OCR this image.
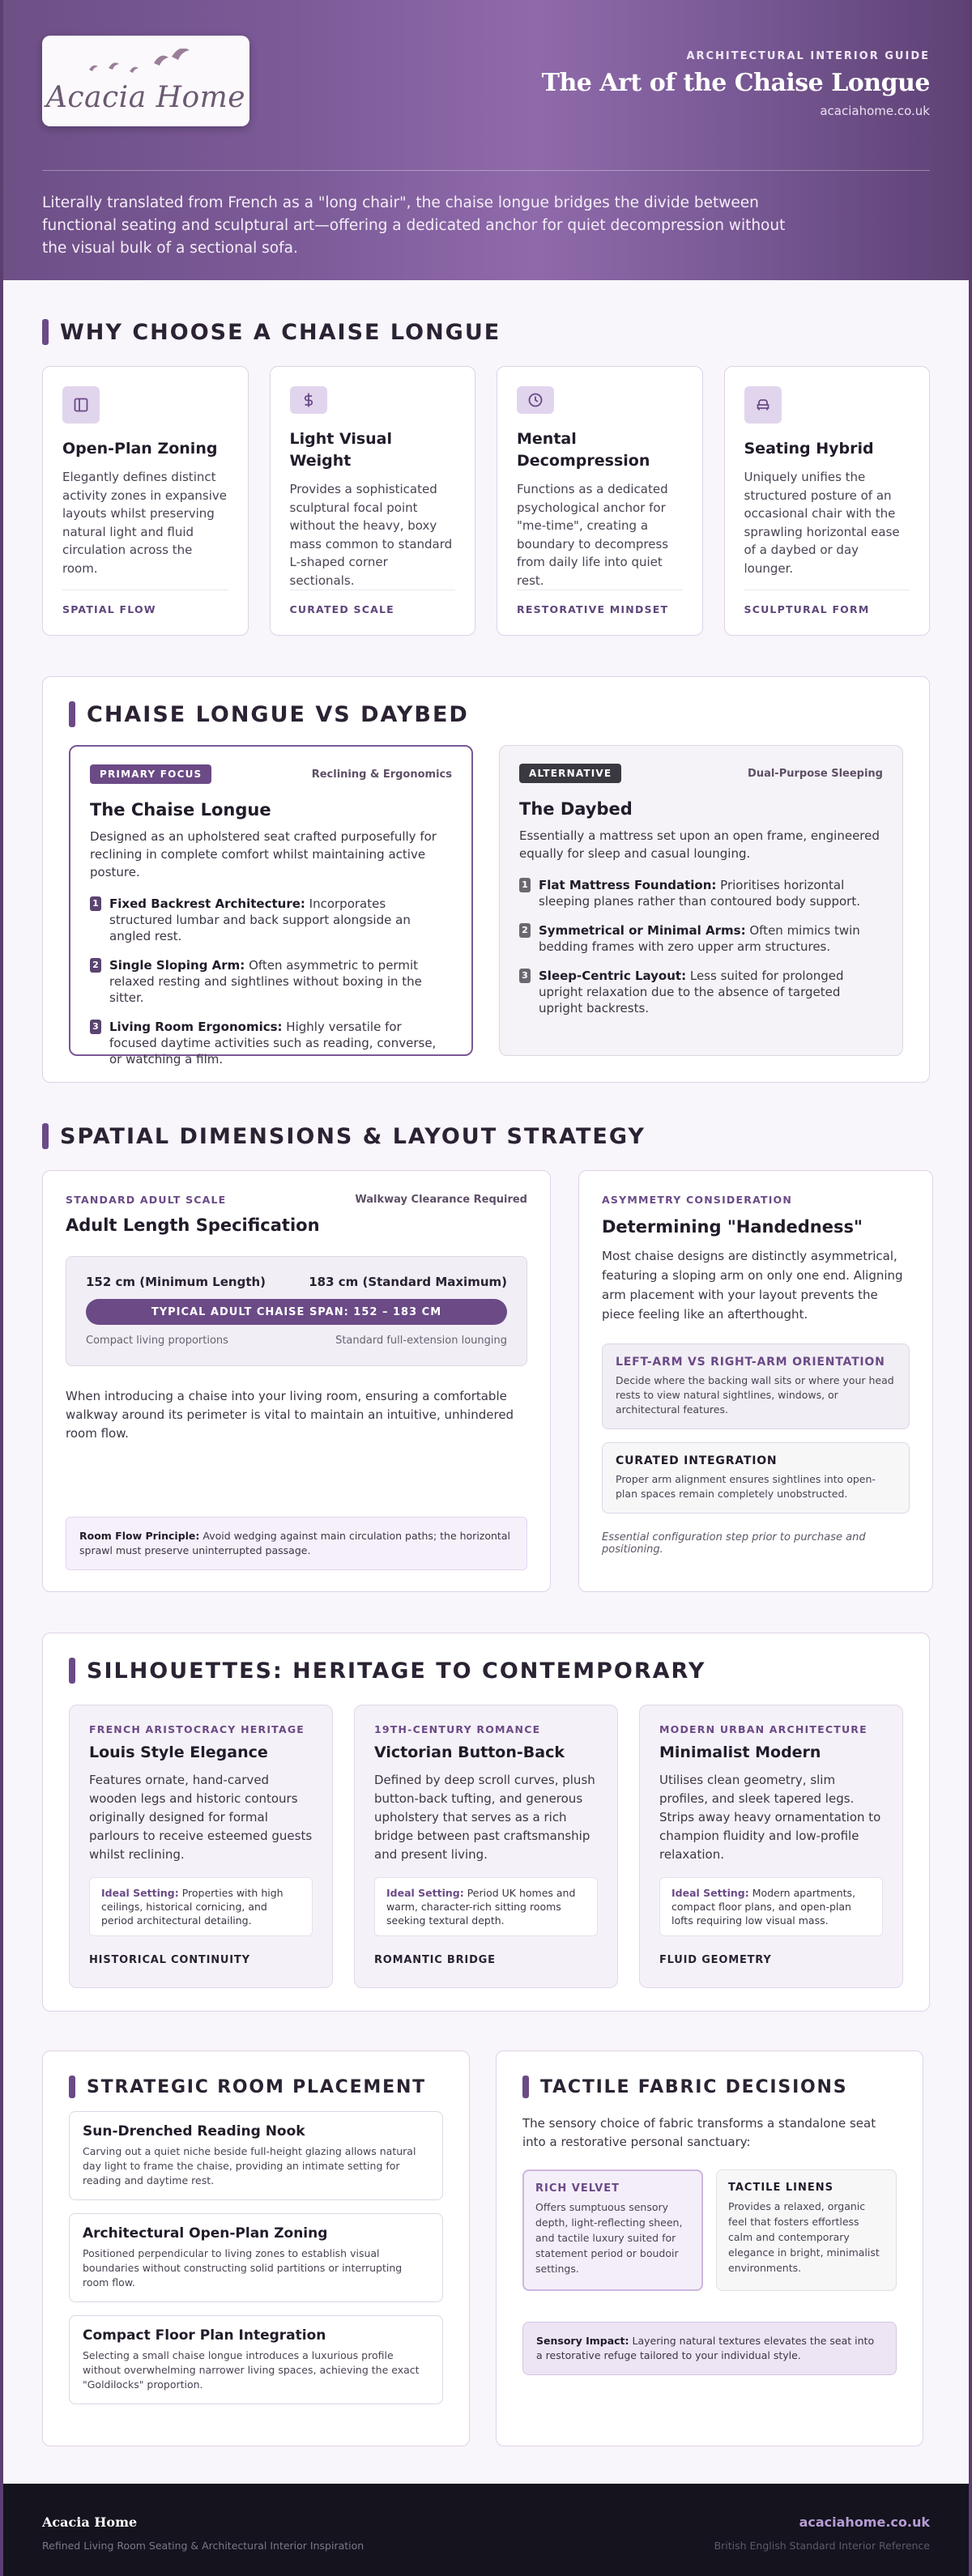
Acacia Home
ARCHITECTURAL INTERIOR GUIDE
The Art of the Chaise Longue
acaciahome.co.uk

Literally translated from French as a "long chair", the chaise longue bridges the divide between functional seating and sculptural art—offering a dedicated anchor for quiet decompression without the visual bulk of a sectional sofa.

WHY CHOOSE A CHAISE LONGUE
Open-Plan Zoning
Elegantly defines distinct activity zones in expansive layouts whilst preserving natural light and fluid circulation across the room.
SPATIAL FLOW
Light Visual Weight
Provides a sophisticated sculptural focal point without the heavy, boxy mass common to standard L-shaped corner sectionals.
CURATED SCALE
Mental Decompression
Functions as a dedicated psychological anchor for "me-time", creating a boundary to decompress from daily life into quiet rest.
RESTORATIVE MINDSET
Seating Hybrid
Uniquely unifies the structured posture of an occasional chair with the sprawling horizontal ease of a daybed or day lounger.
SCULPTURAL FORM
CHAISE LONGUE VS DAYBED
PRIMARY FOCUS	Reclining & Ergonomics
The Chaise Longue
Designed as an upholstered seat crafted purposefully for reclining in complete comfort whilst maintaining active posture.
1 Fixed Backrest Architecture: Incorporates structured lumbar and back support alongside an angled rest.
2 Single Sloping Arm: Often asymmetric to permit relaxed resting and sightlines without boxing in the sitter.
3 Living Room Ergonomics: Highly versatile for focused daytime activities such as reading, converse, or watching a film.
ALTERNATIVE	Dual-Purpose Sleeping
The Daybed
Essentially a mattress set upon an open frame, engineered equally for sleep and casual lounging.
1 Flat Mattress Foundation: Prioritises horizontal sleeping planes rather than contoured body support.
2 Symmetrical or Minimal Arms: Often mimics twin bedding frames with zero upper arm structures.
3 Sleep-Centric Layout: Less suited for prolonged upright relaxation due to the absence of targeted upright backrests.
SPATIAL DIMENSIONS & LAYOUT STRATEGY
STANDARD ADULT SCALE	Walkway Clearance Required
Adult Length Specification
152 cm (Minimum Length)	183 cm (Standard Maximum)
TYPICAL ADULT CHAISE SPAN: 152 – 183 CM
Compact living proportions	Standard full-extension lounging

When introducing a chaise into your living room, ensuring a comfortable walkway around its perimeter is vital to maintain an intuitive, unhindered room flow.

Room Flow Principle: Avoid wedging against main circulation paths; the horizontal sprawl must preserve uninterrupted passage.
ASYMMETRY CONSIDERATION
Determining "Handedness"

Most chaise designs are distinctly asymmetrical, featuring a sloping arm on only one end. Aligning arm placement with your layout prevents the piece feeling like an afterthought.

LEFT-ARM VS RIGHT-ARM ORIENTATION
Decide where the backing wall sits or where your head rests to view natural sightlines, windows, or architectural features.
CURATED INTEGRATION
Proper arm alignment ensures sightlines into open-plan spaces remain completely unobstructed.
Essential configuration step prior to purchase and positioning.
SILHOUETTES: HERITAGE TO CONTEMPORARY
FRENCH ARISTOCRACY HERITAGE
Louis Style Elegance

Features ornate, hand-carved wooden legs and historic contours originally designed for formal parlours to receive esteemed guests whilst reclining.

Ideal Setting: Properties with high ceilings, historical cornicing, and period architectural detailing.
HISTORICAL CONTINUITY
19TH-CENTURY ROMANCE
Victorian Button-Back

Defined by deep scroll curves, plush button-back tufting, and generous upholstery that serves as a rich bridge between past craftsmanship and present living.

Ideal Setting: Period UK homes and warm, character-rich sitting rooms seeking textural depth.
ROMANTIC BRIDGE
MODERN URBAN ARCHITECTURE
Minimalist Modern

Utilises clean geometry, slim profiles, and sleek tapered legs. Strips away heavy ornamentation to champion fluidity and low-profile relaxation.

Ideal Setting: Modern apartments, compact floor plans, and open-plan lofts requiring low visual mass.
FLUID GEOMETRY
STRATEGIC ROOM PLACEMENT
Sun-Drenched Reading Nook
Carving out a quiet niche beside full-height glazing allows natural day light to frame the chaise, providing an intimate setting for reading and daytime rest.
Architectural Open-Plan Zoning
Positioned perpendicular to living zones to establish visual boundaries without constructing solid partitions or interrupting room flow.
Compact Floor Plan Integration
Selecting a small chaise longue introduces a luxurious profile without overwhelming narrower living spaces, achieving the exact "Goldilocks" proportion.
TACTILE FABRIC DECISIONS

The sensory choice of fabric transforms a standalone seat into a restorative personal sanctuary:

RICH VELVET
Offers sumptuous sensory depth, light-reflecting sheen, and tactile luxury suited for statement period or boudoir settings.
TACTILE LINENS
Provides a relaxed, organic feel that fosters effortless calm and contemporary elegance in bright, minimalist environments.
Sensory Impact: Layering natural textures elevates the seat into a restorative refuge tailored to your individual style.
Acacia Home
Refined Living Room Seating & Architectural Interior Inspiration
acaciahome.co.uk
British English Standard Interior Reference
